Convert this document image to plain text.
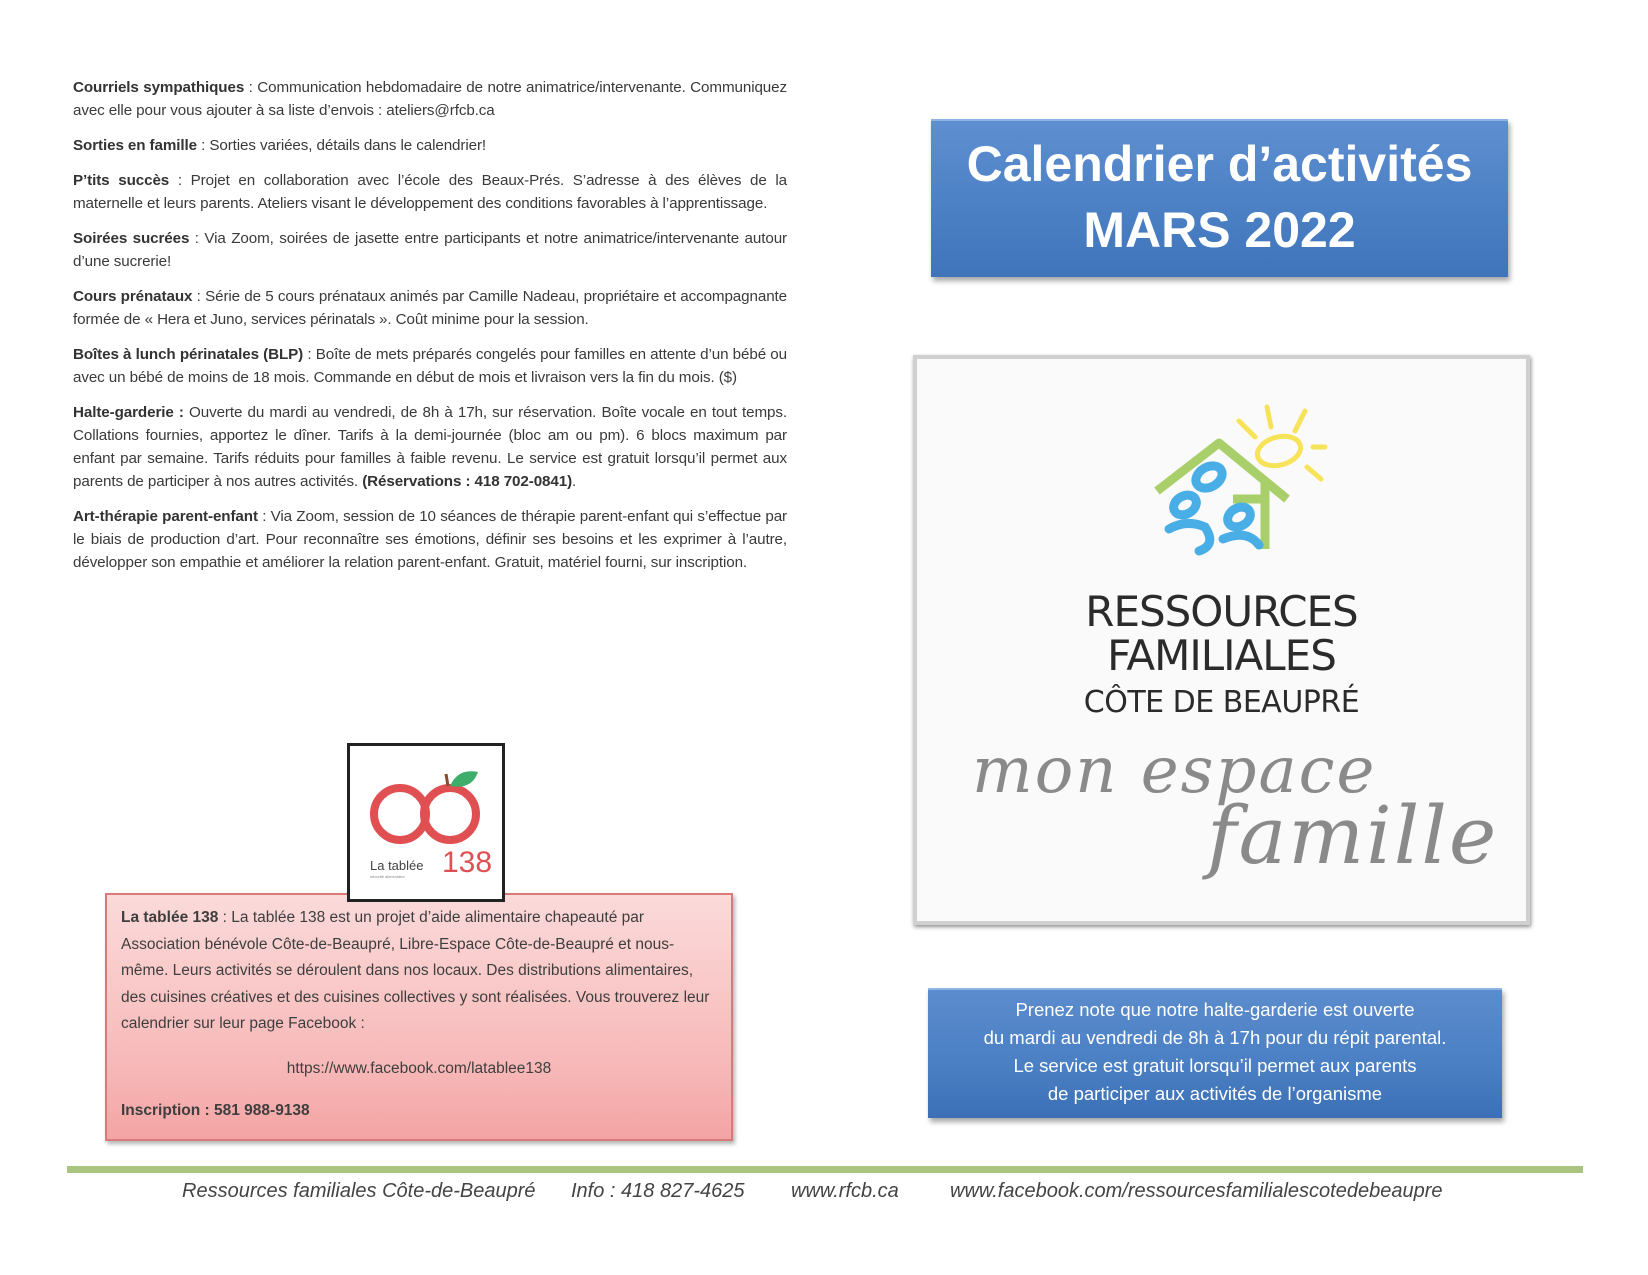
Courriels sympathiques : Communication hebdomadaire de notre animatrice/intervenante. Communiquez avec elle pour vous ajouter à sa liste d’envois : ateliers@rfcb.ca

Sorties en famille : Sorties variées, détails dans le calendrier!

P’tits succès : Projet en collaboration avec l’école des Beaux-Prés. S’adresse à des élèves de la maternelle et leurs parents. Ateliers visant le développement des conditions favorables à l’apprentissage.

Soirées sucrées : Via Zoom, soirées de jasette entre participants et notre animatrice/intervenante autour d’une sucrerie!

Cours prénataux : Série de 5 cours prénataux animés par Camille Nadeau, propriétaire et accompagnante formée de « Hera et Juno, services périnatals ». Coût minime pour la session.

Boîtes à lunch périnatales (BLP) : Boîte de mets préparés congelés pour familles en attente d’un bébé ou avec un bébé de moins de 18 mois. Commande en début de mois et livraison vers la fin du mois. ($)

Halte-garderie : Ouverte du mardi au vendredi, de 8h à 17h, sur réservation. Boîte vocale en tout temps. Collations fournies, apportez le dîner. Tarifs à la demi-journée (bloc am ou pm). 6 blocs maximum par enfant par semaine. Tarifs réduits pour familles à faible revenu. Le service est gratuit lorsqu’il permet aux parents de participer à nos autres activités. (Réservations : 418 702-0841).

Art-thérapie parent-enfant : Via Zoom, session de 10 séances de thérapie parent-enfant qui s’effectue par le biais de production d’art. Pour reconnaître ses émotions, définir ses besoins et les exprimer à l’autre, développer son empathie et améliorer la relation parent-enfant. Gratuit, matériel fourni, sur inscription.

Calendrier d’activités
MARS 2022
RESSOURCES
FAMILIALES
CÔTE DE BEAUPRÉ
mon espace
famille
La tablée 138
sécurité alimentaire

La tablée 138 : La tablée 138 est un projet d’aide alimentaire chapeauté par Association bénévole Côte-de-Beaupré, Libre-Espace Côte-de-Beaupré et nous-même. Leurs activités se déroulent dans nos locaux. Des distributions alimentaires, des cuisines créatives et des cuisines collectives y sont réalisées. Vous trouverez leur calendrier sur leur page Facebook :

https://www.facebook.com/latablee138

Inscription : 581 988-9138

Prenez note que notre halte-garderie est ouverte
du mardi au vendredi de 8h à 17h pour du répit parental.
Le service est gratuit lorsqu’il permet aux parents
de participer aux activités de l’organisme
Ressources familiales Côte-de-Beaupré Info : 418 827-4625 www.rfcb.ca	www.facebook.com/ressourcesfamilialescotedebeaupre
